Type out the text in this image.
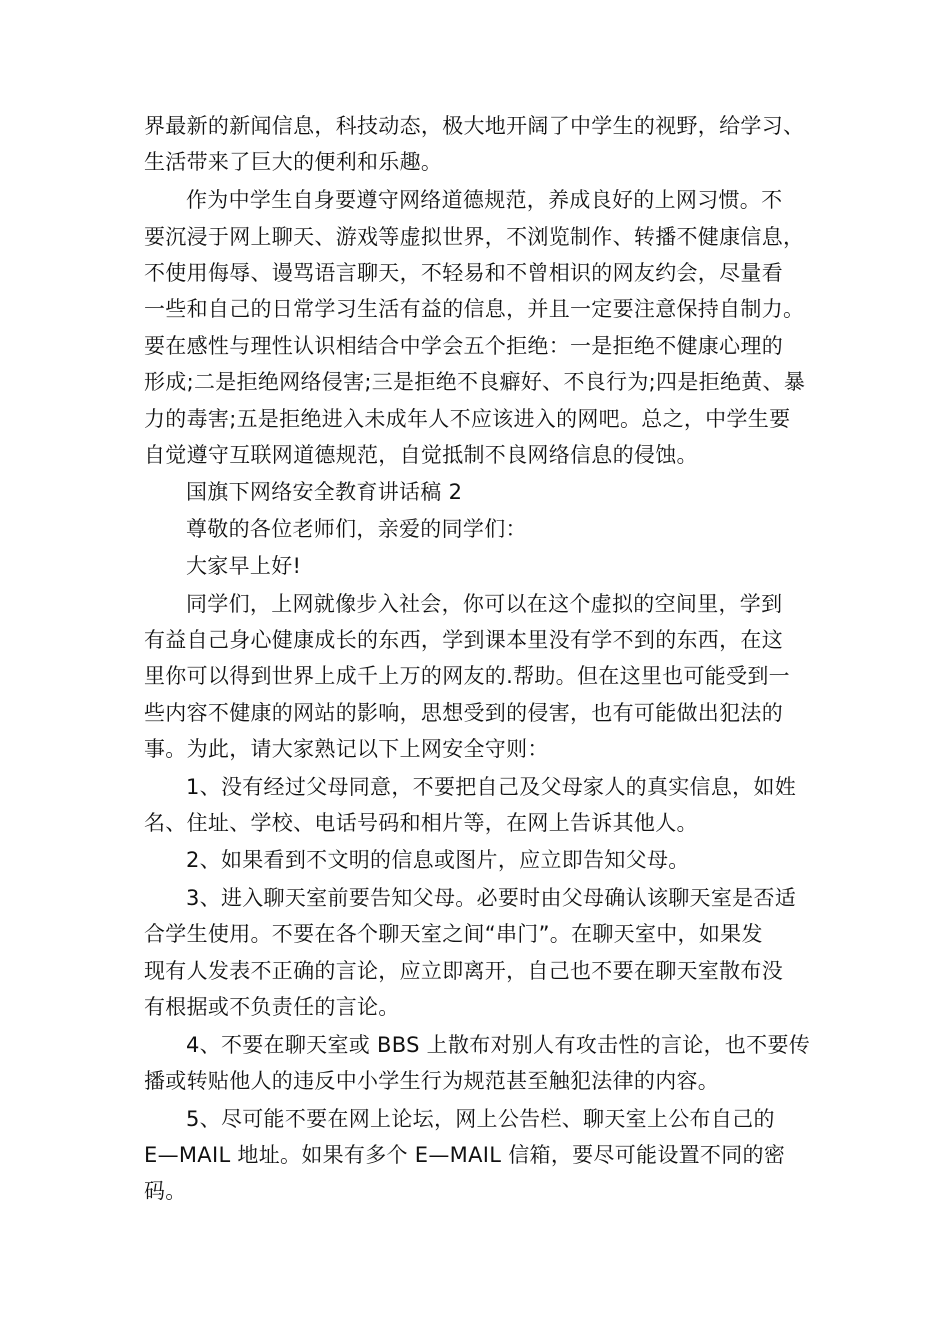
界最新的新闻信息，科技动态，极大地开阔了中学生的视野，给学习、
生活带来了巨大的便利和乐趣。
作为中学生自身要遵守网络道德规范，养成良好的上网习惯。不
要沉浸于网上聊天、游戏等虚拟世界，不浏览制作、转播不健康信息，
不使用侮辱、谩骂语言聊天，不轻易和不曾相识的网友约会，尽量看
一些和自己的日常学习生活有益的信息，并且一定要注意保持自制力。
要在感性与理性认识相结合中学会五个拒绝：一是拒绝不健康心理的
形成;二是拒绝网络侵害;三是拒绝不良癖好、不良行为;四是拒绝黄、暴
力的毒害;五是拒绝进入未成年人不应该进入的网吧。总之，中学生要
自觉遵守互联网道德规范，自觉抵制不良网络信息的侵蚀。
国旗下网络安全教育讲话稿 2
尊敬的各位老师们，亲爱的同学们：
大家早上好!
同学们，上网就像步入社会，你可以在这个虚拟的空间里，学到
有益自己身心健康成长的东西，学到课本里没有学不到的东西，在这
里你可以得到世界上成千上万的网友的.帮助。但在这里也可能受到一
些内容不健康的网站的影响，思想受到的侵害，也有可能做出犯法的
事。为此，请大家熟记以下上网安全守则：
1、没有经过父母同意，不要把自己及父母家人的真实信息，如姓
名、住址、学校、电话号码和相片等，在网上告诉其他人。
2、如果看到不文明的信息或图片，应立即告知父母。
3、进入聊天室前要告知父母。必要时由父母确认该聊天室是否适
合学生使用。不要在各个聊天室之间“串门”。在聊天室中，如果发
现有人发表不正确的言论，应立即离开，自己也不要在聊天室散布没
有根据或不负责任的言论。
4、不要在聊天室或 BBS 上散布对别人有攻击性的言论，也不要传
播或转贴他人的违反中小学生行为规范甚至触犯法律的内容。
5、尽可能不要在网上论坛，网上公告栏、聊天室上公布自己的
E—MAIL 地址。如果有多个 E—MAIL 信箱，要尽可能设置不同的密
码。
